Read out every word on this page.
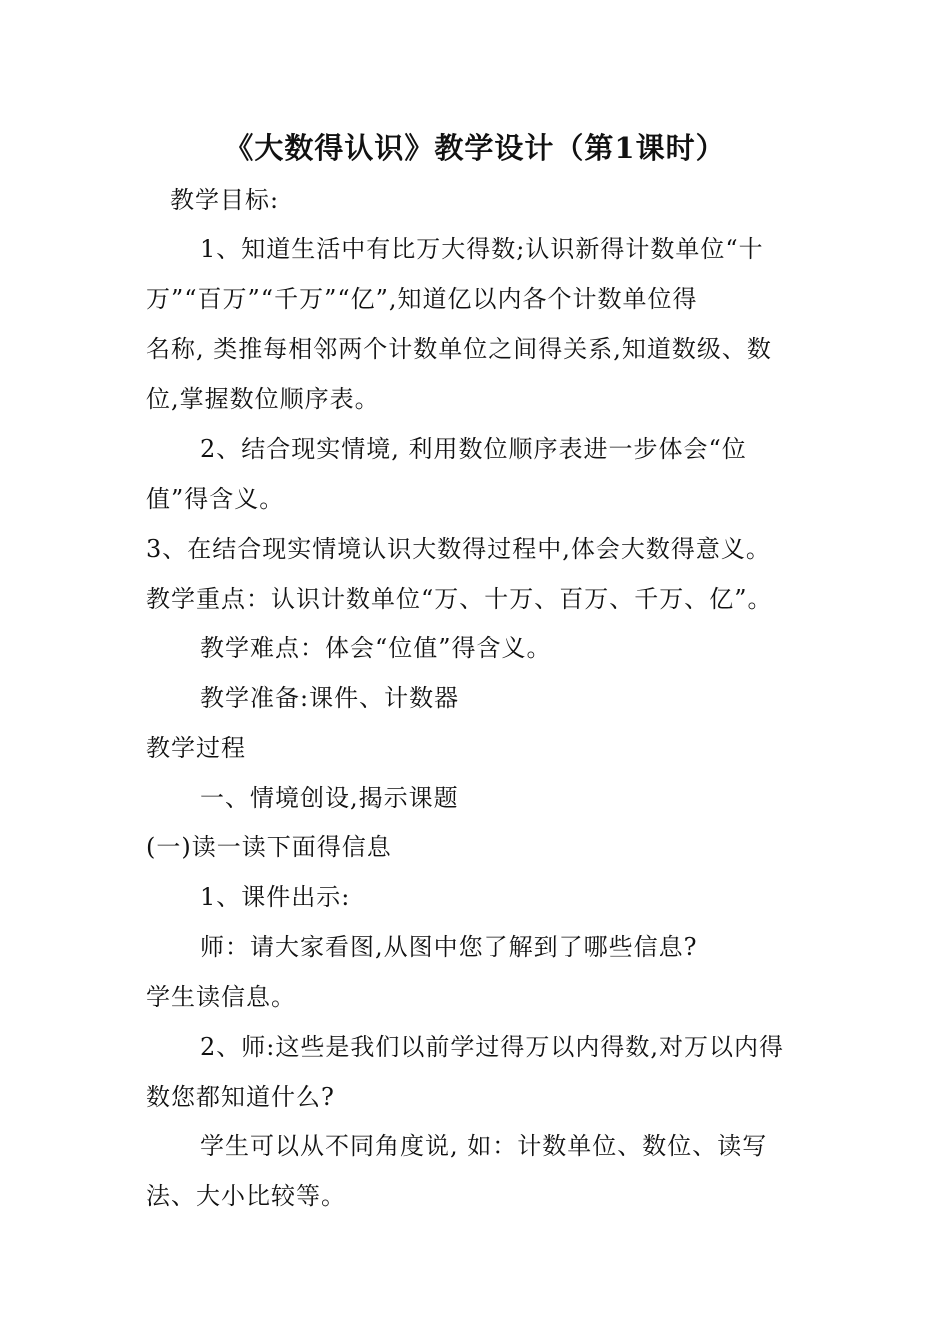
《大数得认识》教学设计（第1课时）
教学目标:
1、知道生活中有比万大得数;认识新得计数单位“十
万”“百万”“千万”“亿”,知道亿以内各个计数单位得
名称, 类推每相邻两个计数单位之间得关系,知道数级、数
位,掌握数位顺序表。
2、结合现实情境, 利用数位顺序表进一步体会“位
值”得含义。
3、在结合现实情境认识大数得过程中,体会大数得意义。
教学重点：认识计数单位“万、十万、百万、千万、亿”。
教学难点：体会“位值”得含义。
教学准备:课件、计数器
教学过程
一、情境创设,揭示课题
(一)读一读下面得信息
1、课件出示:
师：请大家看图,从图中您了解到了哪些信息?
学生读信息。
2、师:这些是我们以前学过得万以内得数,对万以内得
数您都知道什么?
学生可以从不同角度说, 如：计数单位、数位、读写
法、大小比较等。
